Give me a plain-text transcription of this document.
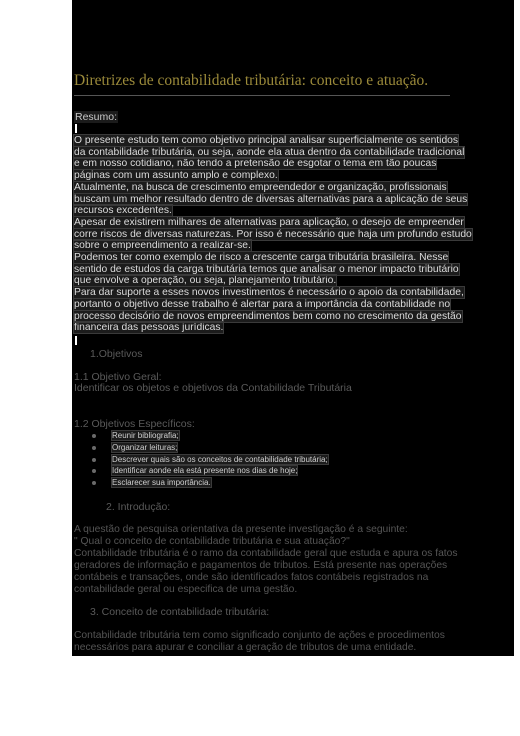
Diretrizes de contabilidade tributária: conceito e atuação.
Resumo:
O presente estudo tem como objetivo principal analisar superficialmente os sentidos
da contabilidade tributária, ou seja, aonde ela atua dentro da contabilidade tradicional
e em nosso cotidiano, não tendo a pretensão de esgotar o tema em tão poucas
páginas com um assunto amplo e complexo.
Atualmente, na busca de crescimento empreendedor e organização, profissionais
buscam um melhor resultado dentro de diversas alternativas para a aplicação de seus
recursos excedentes.
Apesar de existirem milhares de alternativas para aplicação, o desejo de empreender
corre riscos de diversas naturezas. Por isso é necessário que haja um profundo estudo
sobre o empreendimento a realizar-se.
Podemos ter como exemplo de risco a crescente carga tributária brasileira. Nesse
sentido de estudos da carga tributária temos que analisar o menor impacto tributário
que envolve a operação, ou seja, planejamento tributário.
Para dar suporte a esses novos investimentos é necessário o apoio da contabilidade,
portanto o objetivo desse trabalho é alertar para a importância da contabilidade no
processo decisório de novos empreendimentos bem como no crescimento da gestão
financeira das pessoas jurídicas.
1.Objetivos
1.1 Objetivo Geral:
Identificar os objetos e objetivos da Contabilidade Tributária
1.2 Objetivos Específicos:
Reunir bibliografia;
Organizar leituras;
Descrever quais são os conceitos de contabilidade tributária;
Identificar aonde ela está presente nos dias de hoje;
Esclarecer sua importância.
2. Introdução:
A questão de pesquisa orientativa da presente investigação é a seguinte:
" Qual o conceito de contabilidade tributária e sua atuação?"
Contabilidade tributária é o ramo da contabilidade geral que estuda e apura os fatos
geradores de informação e pagamentos de tributos. Está presente nas operações
contábeis e transações, onde são identificados fatos contábeis registrados na
contabilidade geral ou especifica de uma gestão.
3. Conceito de contabilidade tributária:
Contabilidade tributária tem como significado conjunto de ações e procedimentos
necessários para apurar e conciliar a geração de tributos de uma entidade.
